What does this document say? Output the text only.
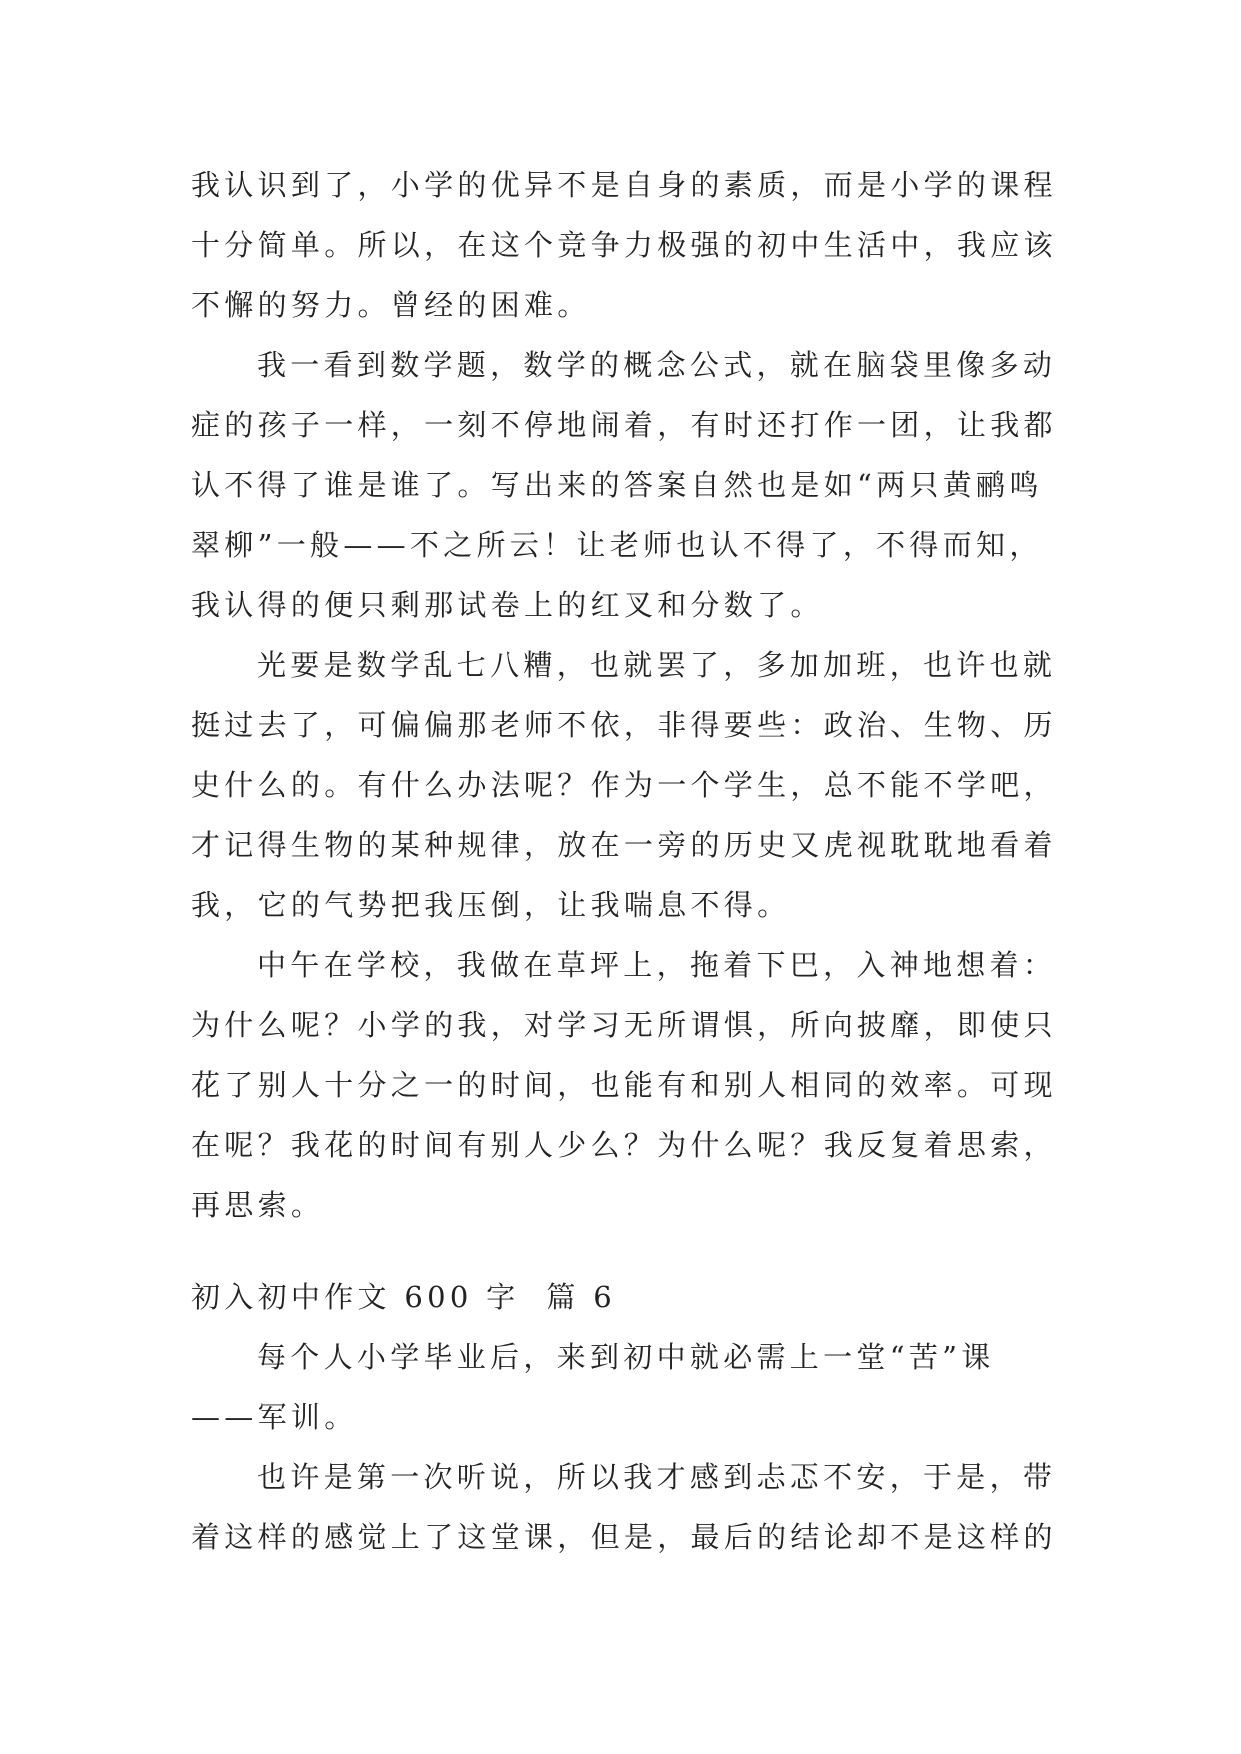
我认识到了，小学的优异不是自身的素质，而是小学的课程
十分简单。所以，在这个竞争力极强的初中生活中，我应该
不懈的努力。曾经的困难。
我一看到数学题，数学的概念公式，就在脑袋里像多动
症的孩子一样，一刻不停地闹着，有时还打作一团，让我都
认不得了谁是谁了。写出来的答案自然也是如“两只黄鹂鸣
翠柳”一般——不之所云！让老师也认不得了，不得而知，
我认得的便只剩那试卷上的红叉和分数了。
光要是数学乱七八糟，也就罢了，多加加班，也许也就
挺过去了，可偏偏那老师不依，非得要些：政治、生物、历
史什么的。有什么办法呢？作为一个学生，总不能不学吧，
才记得生物的某种规律，放在一旁的历史又虎视耽耽地看着
我，它的气势把我压倒，让我喘息不得。
中午在学校，我做在草坪上，拖着下巴，入神地想着：
为什么呢？小学的我，对学习无所谓惧，所向披靡，即使只
花了别人十分之一的时间，也能有和别人相同的效率。可现
在呢？我花的时间有别人少么？为什么呢？我反复着思索，
再思索。
初入初中作文 600 字  篇 6
每个人小学毕业后，来到初中就必需上一堂“苦”课
——军训。
也许是第一次听说，所以我才感到忐忑不安，于是，带
着这样的感觉上了这堂课，但是，最后的结论却不是这样的
